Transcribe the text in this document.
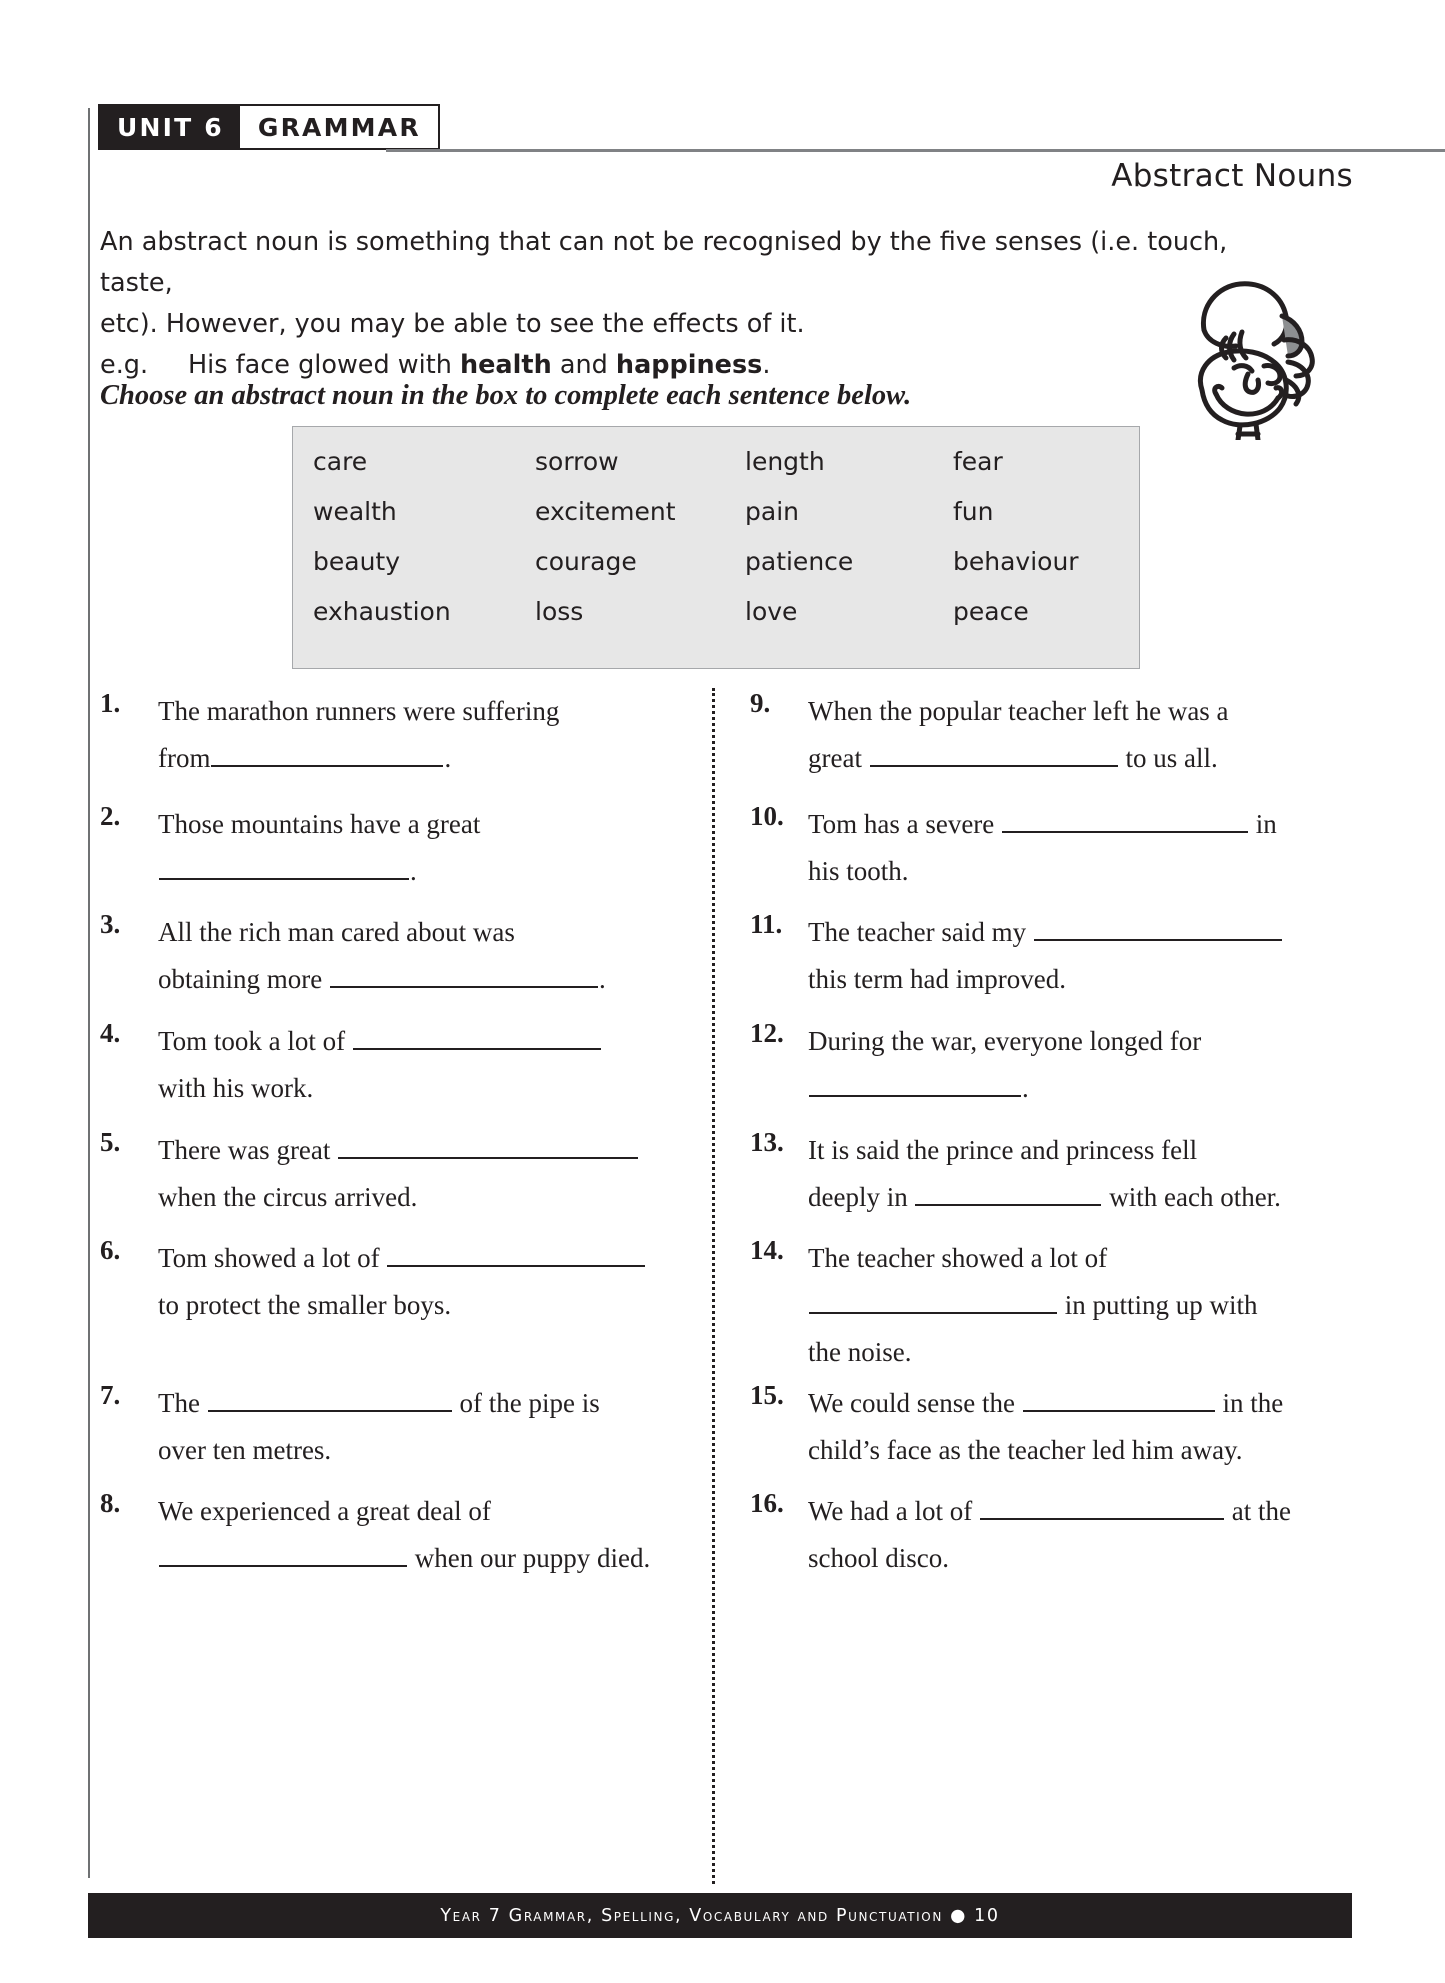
UNIT 6	GRAMMAR
Abstract Nouns
An abstract noun is something that can not be recognised by the five senses (i.e. touch, taste,
etc). However, you may be able to see the effects of it.
e.g.	His face glowed with health and happiness.
Choose an abstract noun in the box to complete each sentence below.
care	sorrow	length	fear
wealth	excitement	pain	fun
beauty	courage	patience	behaviour
exhaustion	loss	love	peace
1.	The marathon runners were suffering
from	.
2.	Those mountains have a great
.
3.	All the rich man cared about was
obtaining more	.
4.	Tom took a lot of
with his work.
5.	There was great
when the circus arrived.
6.	Tom showed a lot of
to protect the smaller boys.
7.	The	of the pipe is
over ten metres.
8.	We experienced a great deal of
when our puppy died.
9.	When the popular teacher left he was a
great	to us all.
10. Tom has a severe	in
his tooth.
11. The teacher said my
this term had improved.
12. During the war, everyone longed for
.
13. It is said the prince and princess fell
deeply in	with each other.
14. The teacher showed a lot of
in putting up with
the noise.
15. We could sense the	in the
child’s face as the teacher led him away.
16. We had a lot of	at the
school disco.
Year 7 Grammar, Spelling, Vocabulary and Punctuation ● 10
